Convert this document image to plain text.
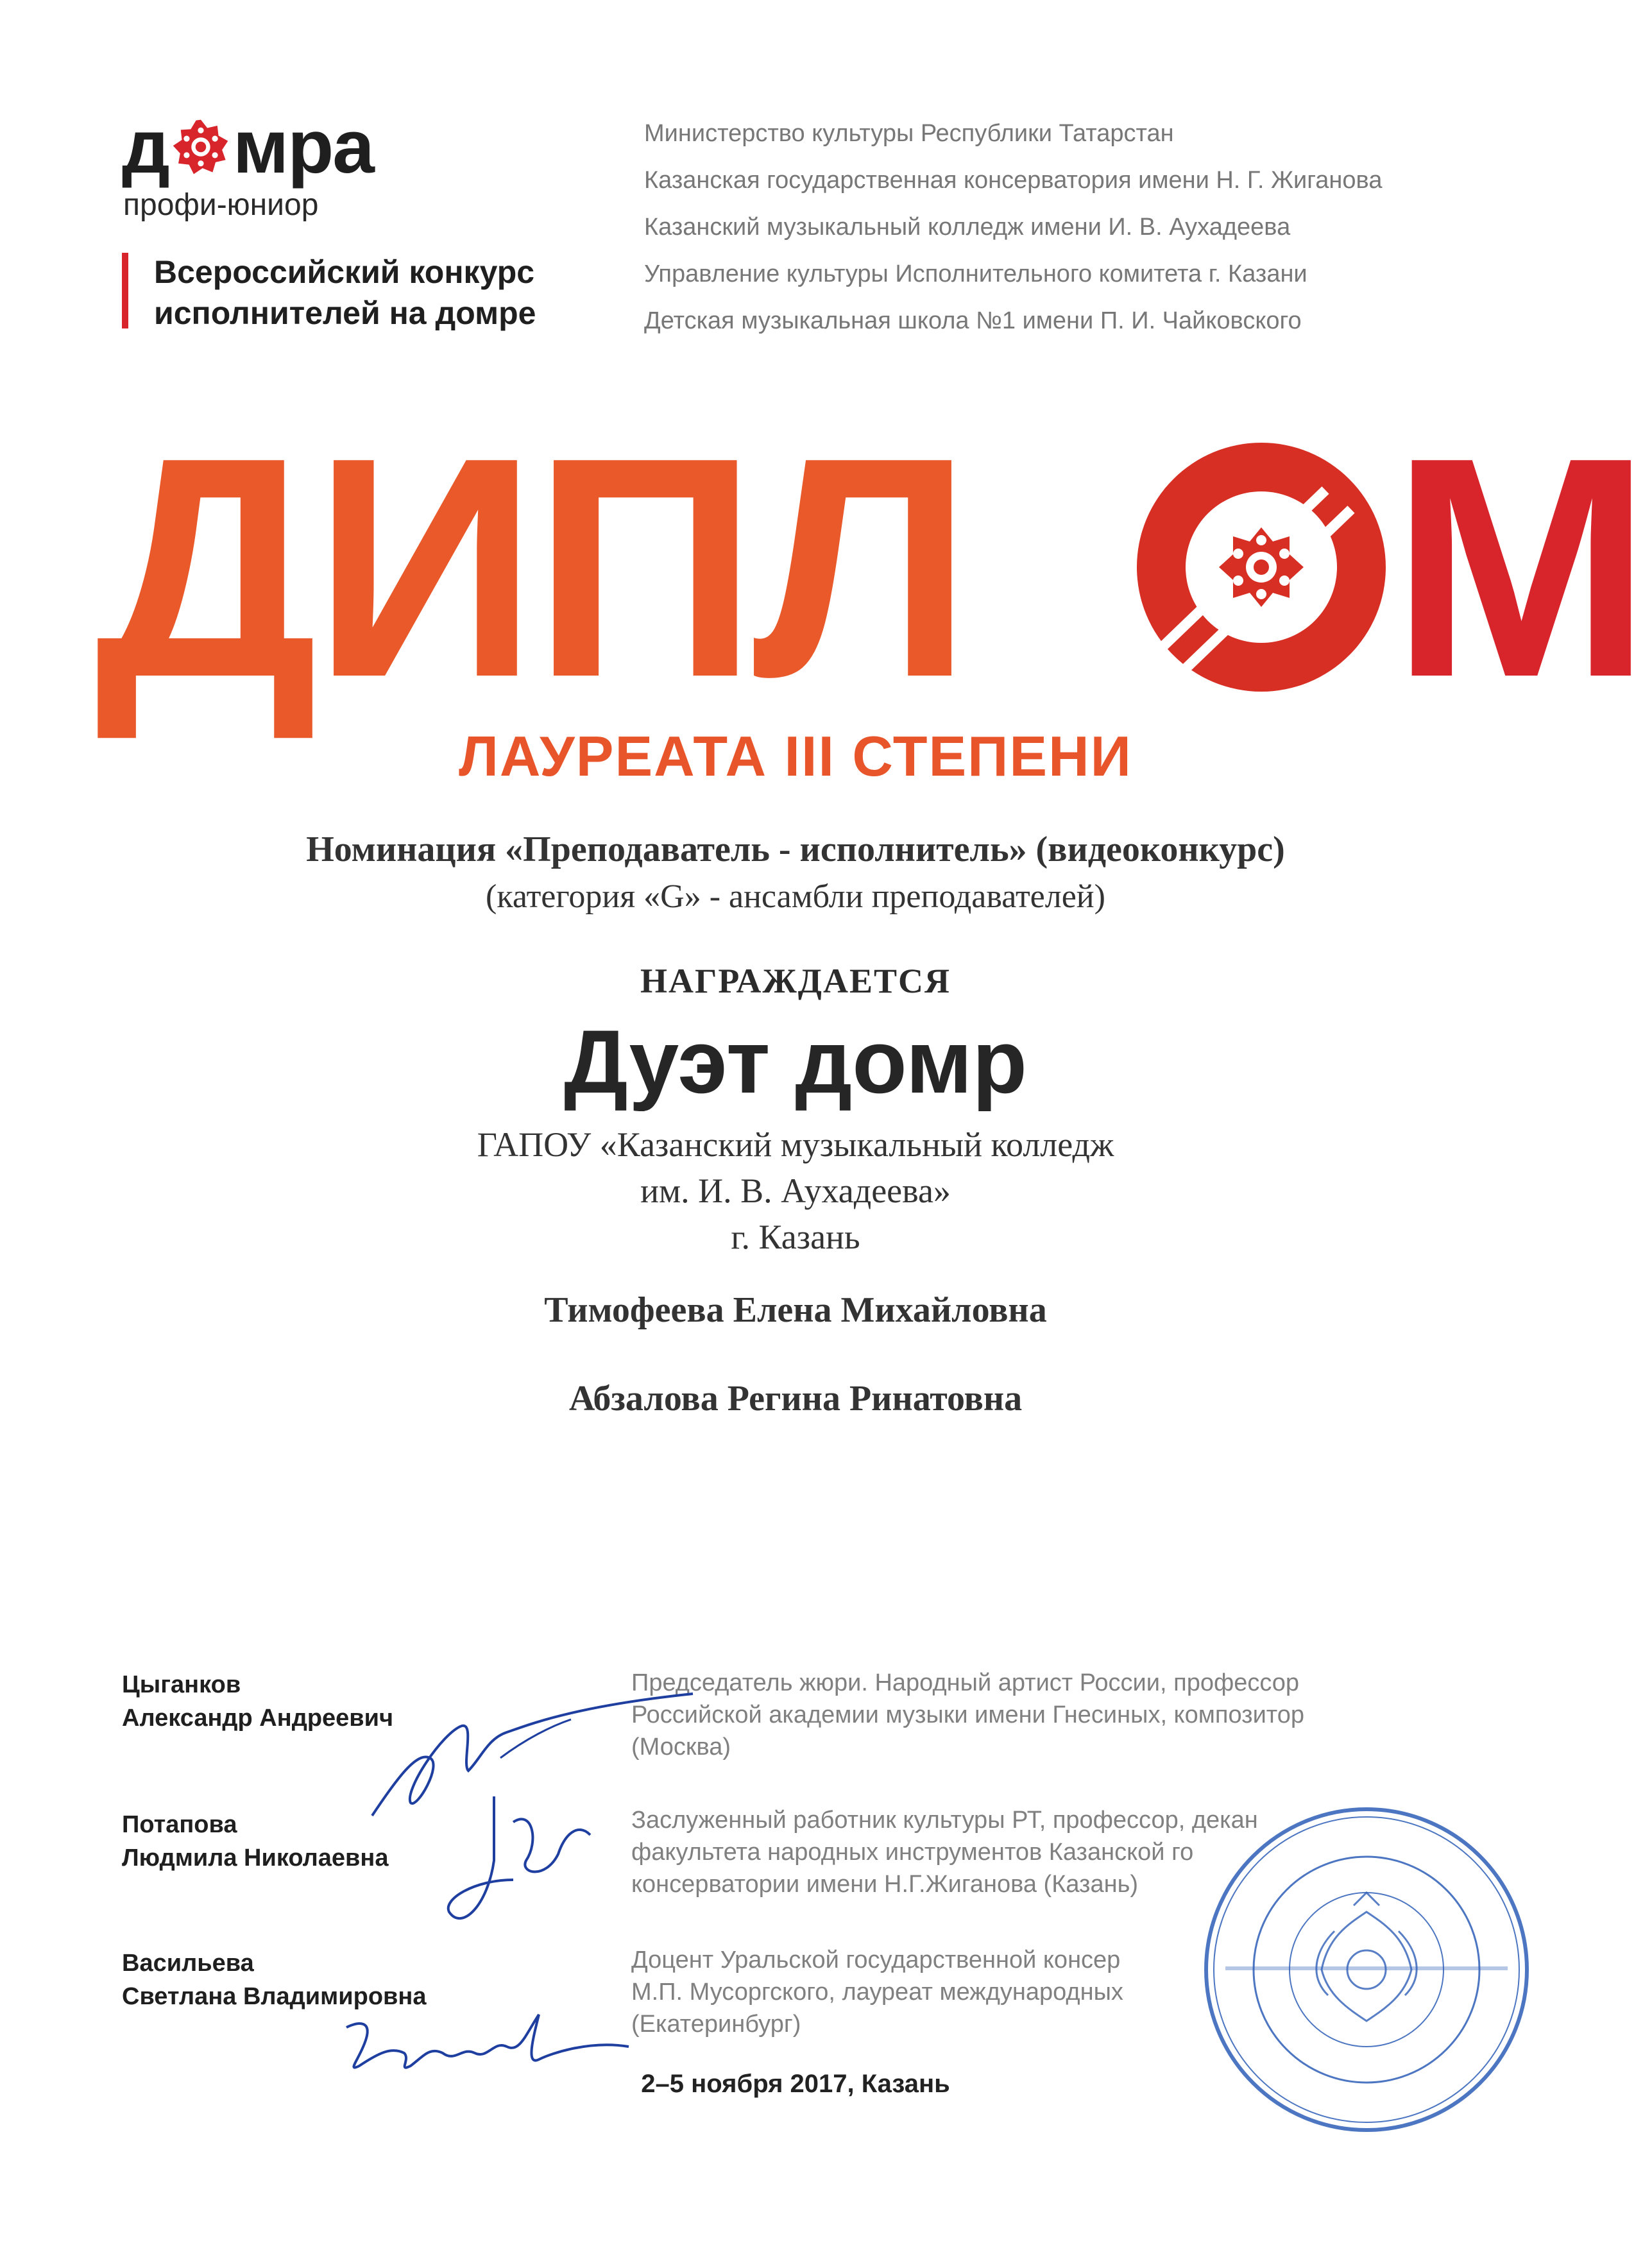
д мра
профи-юниор
Всероссийский конкурс
исполнителей на домре
Министерство культуры Республики Татарстан
Казанская государственная консерватория имени Н. Г. Жиганова
Казанский музыкальный колледж имени И. В. Аухадеева
Управление культуры Исполнительного комитета г. Казани
Детская музыкальная школа №1 имени П. И. Чайковского
ДИПЛ М
ЛАУРЕАТА III СТЕПЕНИ
Номинация «Преподаватель - исполнитель» (видеоконкурс)
(категория «G» - ансамбли преподавателей)
НАГРАЖДАЕТСЯ
Дуэт домр
ГАПОУ «Казанский музыкальный колледж
им. И. В. Аухадеева»
г. Казань
Тимофеева Елена Михайловна
Абзалова Регина Ринатовна
Цыганков
Александр Андреевич
Председатель жюри. Народный артист России, профессор
Российской академии музыки имени Гнесиных, композитор
(Москва)
Потапова
Людмила Николаевна
Заслуженный работник культуры РТ, профессор, декан
факультета народных инструментов Казанской го
консерватории имени Н.Г.Жиганова (Казань)
Васильева
Светлана Владимировна
Доцент Уральской государственной консер
М.П. Мусоргского, лауреат международных
(Екатеринбург)
2–5 ноября 2017, Казань
